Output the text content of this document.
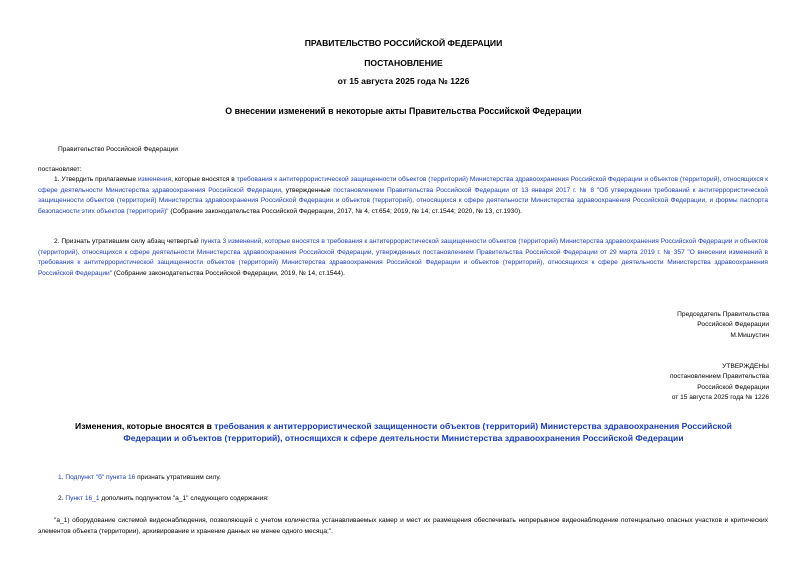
ПРАВИТЕЛЬСТВО РОССИЙСКОЙ ФЕДЕРАЦИИ
ПОСТАНОВЛЕНИЕ
от 15 августа 2025 года № 1226
О внесении изменений в некоторые акты Правительства Российской Федерации
Правительство Российской Федерации
постановляет:
1. Утвердить прилагаемые изменения, которые вносятся в требования к антитеррористической защищенности объектов (территорий) Министерства здравоохранения Российской Федерации и объектов (территорий), относящихся к сфере деятельности Министерства здравоохранения Российской Федерации, утвержденные постановлением Правительства Российской Федерации от 13 января 2017 г. № 8 "Об утверждении требований к антитеррористической защищенности объектов (территорий) Министерства здравоохранения Российской Федерации и объектов (территорий), относящихся к сфере деятельности Министерства здравоохранения Российской Федерации, и формы паспорта безопасности этих объектов (территорий)" (Собрание законодательства Российской Федерации, 2017, № 4, ст.654; 2019, № 14, ст.1544; 2020, № 13, ст.1930).
2. Признать утратившим силу абзац четвертый пункта 3 изменений, которые вносятся в требования к антитеррористической защищенности объектов (территорий) Министерства здравоохранения Российской Федерации и объектов (территорий), относящихся к сфере деятельности Министерства здравоохранения Российской Федерации, утвержденных постановлением Правительства Российской Федерации от 29 марта 2019 г. № 357 "О внесении изменений в требования к антитеррористической защищенности объектов (территорий) Министерства здравоохранения Российской Федерации и объектов (территорий), относящихся к сфере деятельности Министерства здравоохранения Российской Федерации" (Собрание законодательства Российской Федерации, 2019, № 14, ст.1544).
Председатель Правительства
Российской Федерации
М.Мишустин
УТВЕРЖДЕНЫ
постановлением Правительства
Российской Федерации
от 15 августа 2025 года № 1226
Изменения, которые вносятся в требования к антитеррористической защищенности объектов (территорий) Министерства здравоохранения Российской Федерации и объектов (территорий), относящихся к сфере деятельности Министерства здравоохранения Российской Федерации
1. Подпункт "б" пункта 16 признать утратившим силу.
2. Пункт 16_1 дополнить подпунктом "а_1" следующего содержания:
"а_1) оборудование системой видеонаблюдения, позволяющей с учетом количества устанавливаемых камер и мест их размещения обеспечивать непрерывное видеонаблюдение потенциально опасных участков и критических элементов объекта (территории), архивирование и хранение данных не менее одного месяца;".
